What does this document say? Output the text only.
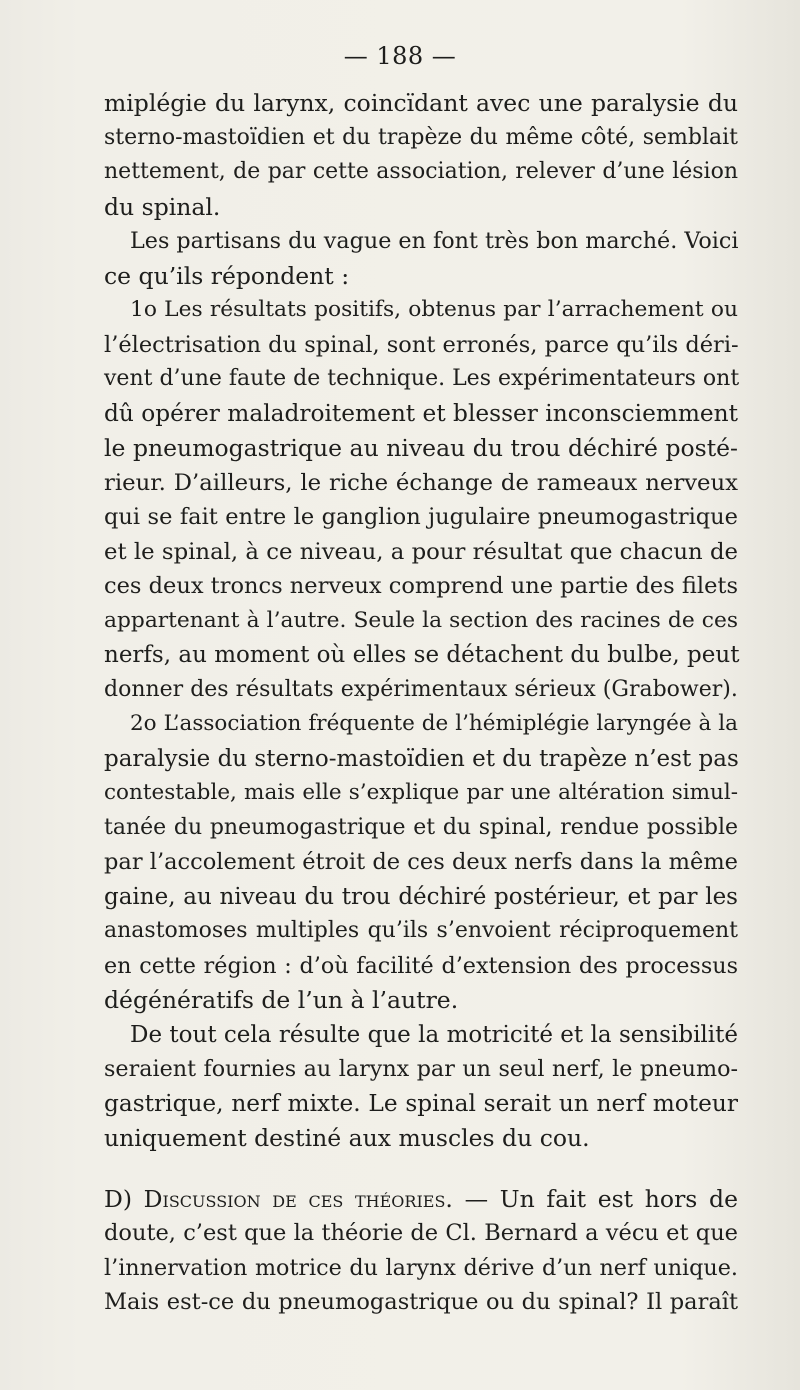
— 188 —
miplégie du larynx, coincïdant avec une paralysie du
sterno-mastoïdien et du trapèze du même côté, semblait
nettement, de par cette association, relever d’une lésion
du spinal.
Les partisans du vague en font très bon marché. Voici
ce qu’ils répondent :
1o Les résultats positifs, obtenus par l’arrachement ou
l’électrisation du spinal, sont erronés, parce qu’ils déri-
vent d’une faute de technique. Les expérimentateurs ont
dû opérer maladroitement et blesser inconsciemment
le pneumogastrique au niveau du trou déchiré posté-
rieur. D’ailleurs, le riche échange de rameaux nerveux
qui se fait entre le ganglion jugulaire pneumogastrique
et le spinal, à ce niveau, a pour résultat que chacun de
ces deux troncs nerveux comprend une partie des filets
appartenant à l’autre. Seule la section des racines de ces
nerfs, au moment où elles se détachent du bulbe, peut
donner des résultats expérimentaux sérieux (Grabower).
2o L’association fréquente de l’hémiplégie laryngée à la
paralysie du sterno-mastoïdien et du trapèze n’est pas
contestable, mais elle s’explique par une altération simul-
tanée du pneumogastrique et du spinal, rendue possible
par l’accolement étroit de ces deux nerfs dans la même
gaine, au niveau du trou déchiré postérieur, et par les
anastomoses multiples qu’ils s’envoient réciproquement
en cette région : d’où facilité d’extension des processus
dégénératifs de l’un à l’autre.
De tout cela résulte que la motricité et la sensibilité
seraient fournies au larynx par un seul nerf, le pneumo-
gastrique, nerf mixte. Le spinal serait un nerf moteur
uniquement destiné aux muscles du cou.
D) Discussion de ces théories. — Un fait est hors de
doute, c’est que la théorie de Cl. Bernard a vécu et que
l’innervation motrice du larynx dérive d’un nerf unique.
Mais est-ce du pneumogastrique ou du spinal? Il paraît
